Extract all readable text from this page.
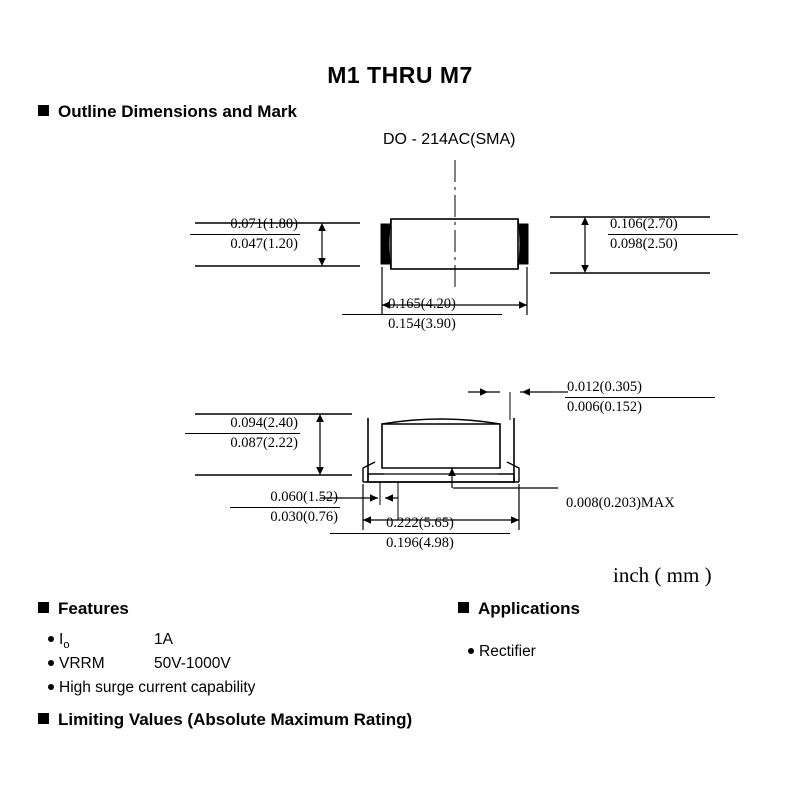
M1 THRU M7
Outline Dimensions and Mark
DO - 214AC(SMA)
0.071(1.80)
0.047(1.20)
0.106(2.70)
0.098(2.50)
0.165(4.20)
0.154(3.90)
0.094(2.40)
0.087(2.22)
0.012(0.305)
0.006(0.152)
0.008(0.203)MAX
0.060(1.52)
0.030(0.76)	0.222(5.65)
0.196(4.98)
inch ( mm )
Features
$I_o$	1A
VRRM	50V-1000V
High surge current capability
Applications
Rectifier
Limiting Values (Absolute Maximum Rating)
